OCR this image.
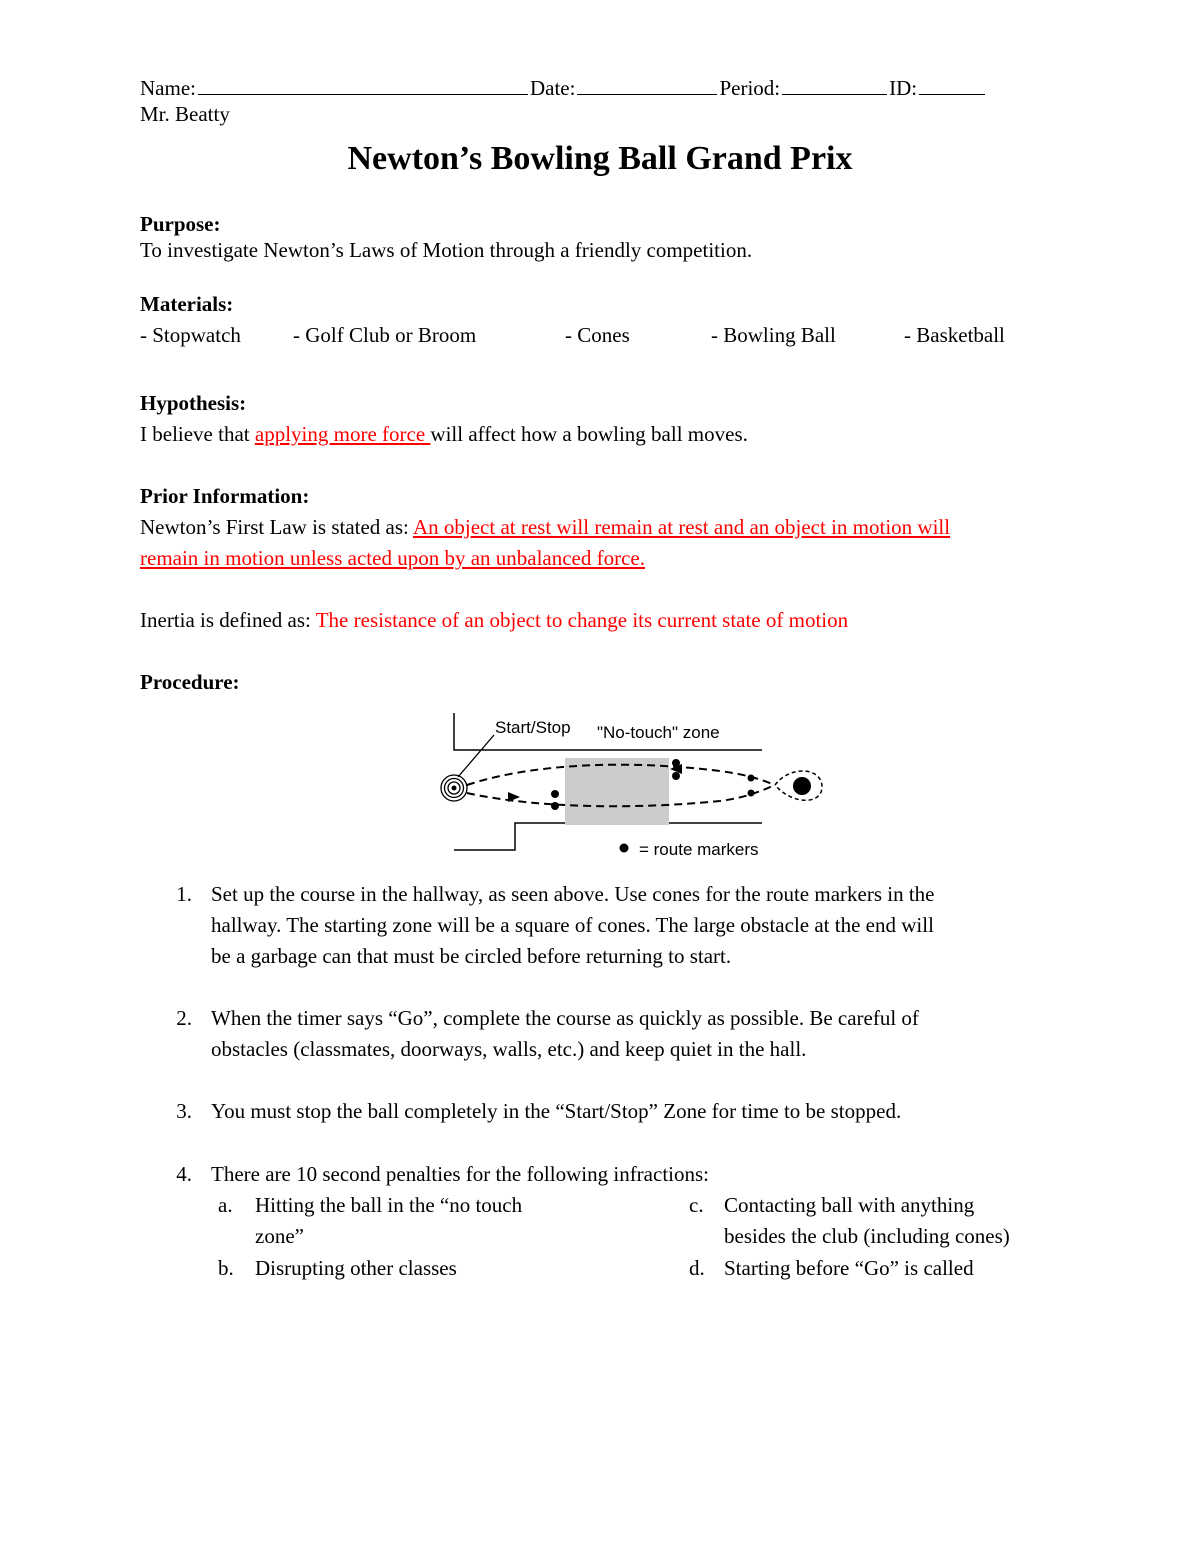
Name:	Date:	Period:	ID:
Mr. Beatty
Newton’s Bowling Ball Grand Prix
Purpose:
To investigate Newton’s Laws of Motion through a friendly competition.
Materials:
- Stopwatch - Golf Club or Broom	- Cones	- Bowling Ball	- Basketball
Hypothesis:
I believe that applying more force will affect how a bowling ball moves.
Prior Information:
Newton’s First Law is stated as: An object at rest will remain at rest and an object in motion will
remain in motion unless acted upon by an unbalanced force.
Inertia is defined as: The resistance of an object to change its current state of motion
Procedure:
Start/Stop "No-touch" zone
= route markers
1. Set up the course in the hallway, as seen above. Use cones for the route markers in the
hallway. The starting zone will be a square of cones. The large obstacle at the end will
be a garbage can that must be circled before returning to start.
2. When the timer says “Go”, complete the course as quickly as possible. Be careful of
obstacles (classmates, doorways, walls, etc.) and keep quiet in the hall.
3. You must stop the ball completely in the “Start/Stop” Zone for time to be stopped.
4. There are 10 second penalties for the following infractions:
a. Hitting the ball in the “no touch
zone”
b. Disrupting other classes
c. Contacting ball with anything
besides the club (including cones)
d. Starting before “Go” is called
